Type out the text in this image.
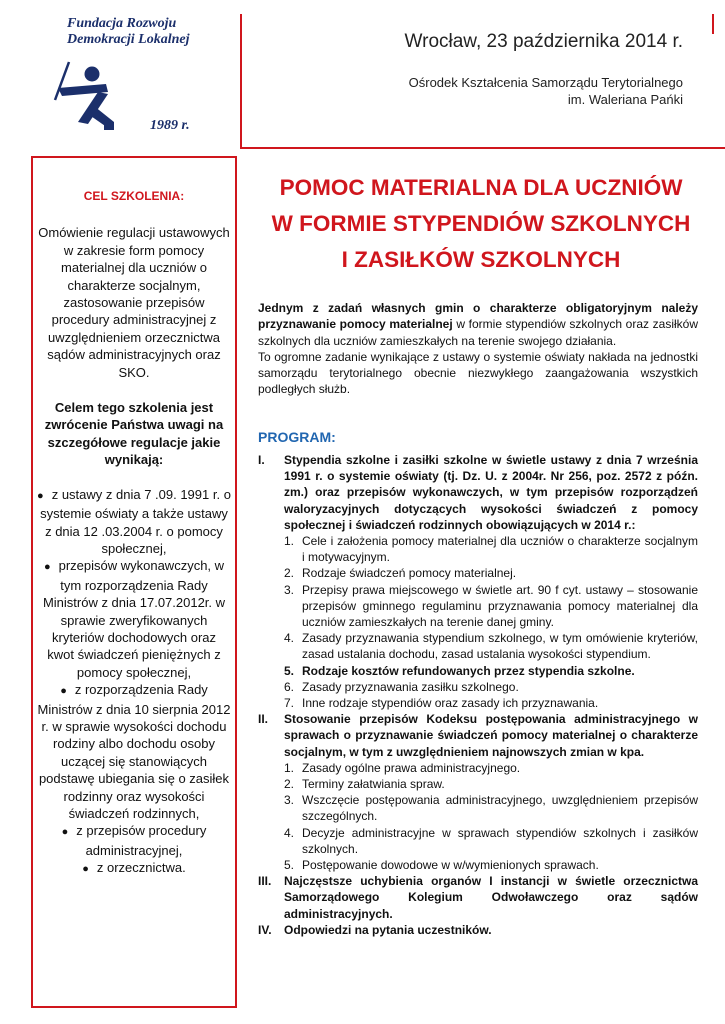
Fundacja Rozwoju
Demokracji Lokalnej
1989 r.
Wrocław, 23 października 2014 r.
Ośrodek Kształcenia Samorządu Terytorialnego
im. Waleriana Pańki
CEL SZKOLENIA:
Omówienie regulacji ustawowych w zakresie form pomocy materialnej dla uczniów o charakterze socjalnym, zastosowanie przepisów procedury administracyjnej z uwzględnieniem orzecznictwa sądów administracyjnych oraz SKO.
Celem tego szkolenia jest zwrócenie Państwa uwagi na szczegółowe regulacje jakie wynikają:
● z ustawy z dnia 7 .09. 1991 r. o systemie oświaty a także ustawy z dnia 12 .03.2004 r. o pomocy społecznej,
● przepisów wykonawczych, w tym rozporządzenia Rady Ministrów z dnia 17.07.2012r. w sprawie zweryfikowanych kryteriów dochodowych oraz kwot świadczeń pieniężnych z pomocy społecznej,
● z rozporządzenia Rady Ministrów z dnia 10 sierpnia 2012 r. w sprawie wysokości dochodu rodziny albo dochodu osoby uczącej się stanowiących podstawę ubiegania się o zasiłek rodzinny oraz wysokości świadczeń rodzinnych,
● z przepisów procedury administracyjnej,
● z orzecznictwa.
POMOC MATERIALNA DLA UCZNIÓW
W FORMIE STYPENDIÓW SZKOLNYCH
I ZASIŁKÓW SZKOLNYCH

Jednym z zadań własnych gmin o charakterze obligatoryjnym należy przyznawanie pomocy materialnej w formie stypendiów szkolnych oraz zasiłków szkolnych dla uczniów zamieszkałych na terenie swojego działania.

To ogromne zadanie wynikające z ustawy o systemie oświaty nakłada na jednostki samorządu terytorialnego obecnie niezwykłego zaangażowania wszystkich podległych służb.

PROGRAM:
I.	Stypendia szkolne i zasiłki szkolne w świetle ustawy z dnia 7 września 1991 r. o systemie oświaty (tj. Dz. U. z 2004r. Nr 256, poz. 2572 z późn. zm.) oraz przepisów wykonawczych, w tym przepisów rozporządzeń waloryzacyjnych dotyczących wysokości świadczeń z pomocy społecznej i świadczeń rodzinnych obowiązujących w 2014 r.:
1. Cele i założenia pomocy materialnej dla uczniów o charakterze socjalnym i motywacyjnym.
2. Rodzaje świadczeń pomocy materialnej.
3. Przepisy prawa miejscowego w świetle art. 90 f cyt. ustawy – stosowanie przepisów gminnego regulaminu przyznawania pomocy materialnej dla uczniów zamieszkałych na terenie danej gminy.
4. Zasady przyznawania stypendium szkolnego, w tym omówienie kryteriów, zasad ustalania dochodu, zasad ustalania wysokości stypendium.
5. Rodzaje kosztów refundowanych przez stypendia szkolne.
6. Zasady przyznawania zasiłku szkolnego.
7. Inne rodzaje stypendiów oraz zasady ich przyznawania.
II.	Stosowanie przepisów Kodeksu postępowania administracyjnego w sprawach o przyznawanie świadczeń pomocy materialnej o charakterze socjalnym, w tym z uwzględnieniem najnowszych zmian w kpa.
1. Zasady ogólne prawa administracyjnego.
2. Terminy załatwiania spraw.
3. Wszczęcie postępowania administracyjnego, uwzględnieniem przepisów szczególnych.
4. Decyzje administracyjne w sprawach stypendiów szkolnych i zasiłków szkolnych.
5. Postępowanie dowodowe w w/wymienionych sprawach.
III.	Najczęstsze uchybienia organów I instancji w świetle orzecznictwa Samorządowego Kolegium Odwoławczego oraz sądów administracyjnych.
IV.	Odpowiedzi na pytania uczestników.
